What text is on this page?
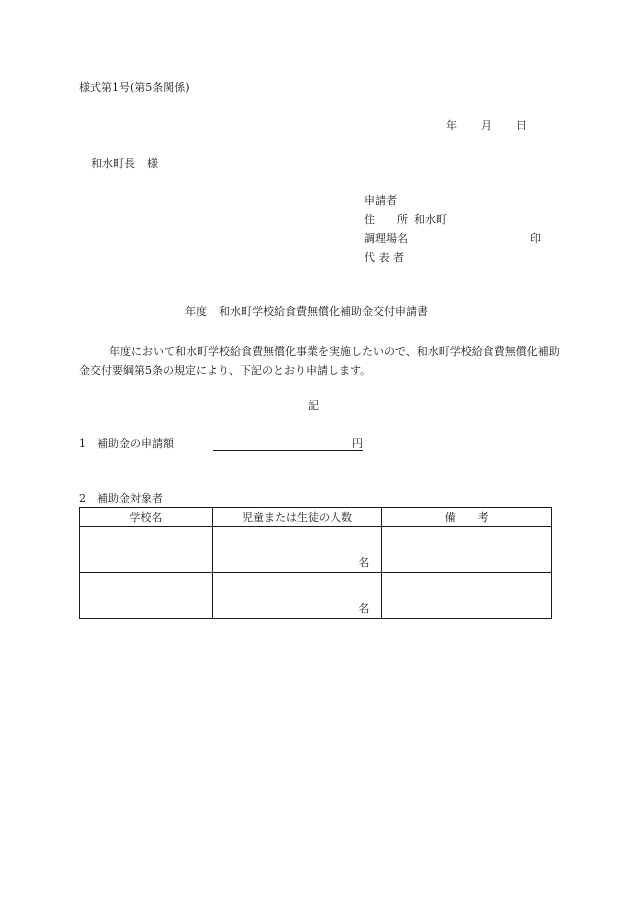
様式第1号(第5条関係)
年 月 日
和水町長 様
申請者
住　　所 和水町
調理場名	印
代 表 者
年度 和水町学校給食費無償化補助金交付申請書
年度において和水町学校給食費無償化事業を実施したいので、和水町学校給食費無償化補助金交付要綱第5条の規定により、下記のとおり申請します。
記
1　補助金の申請額	円
2　補助金対象者
学校名	児童または生徒の人数	備 考
	名	
	名	
